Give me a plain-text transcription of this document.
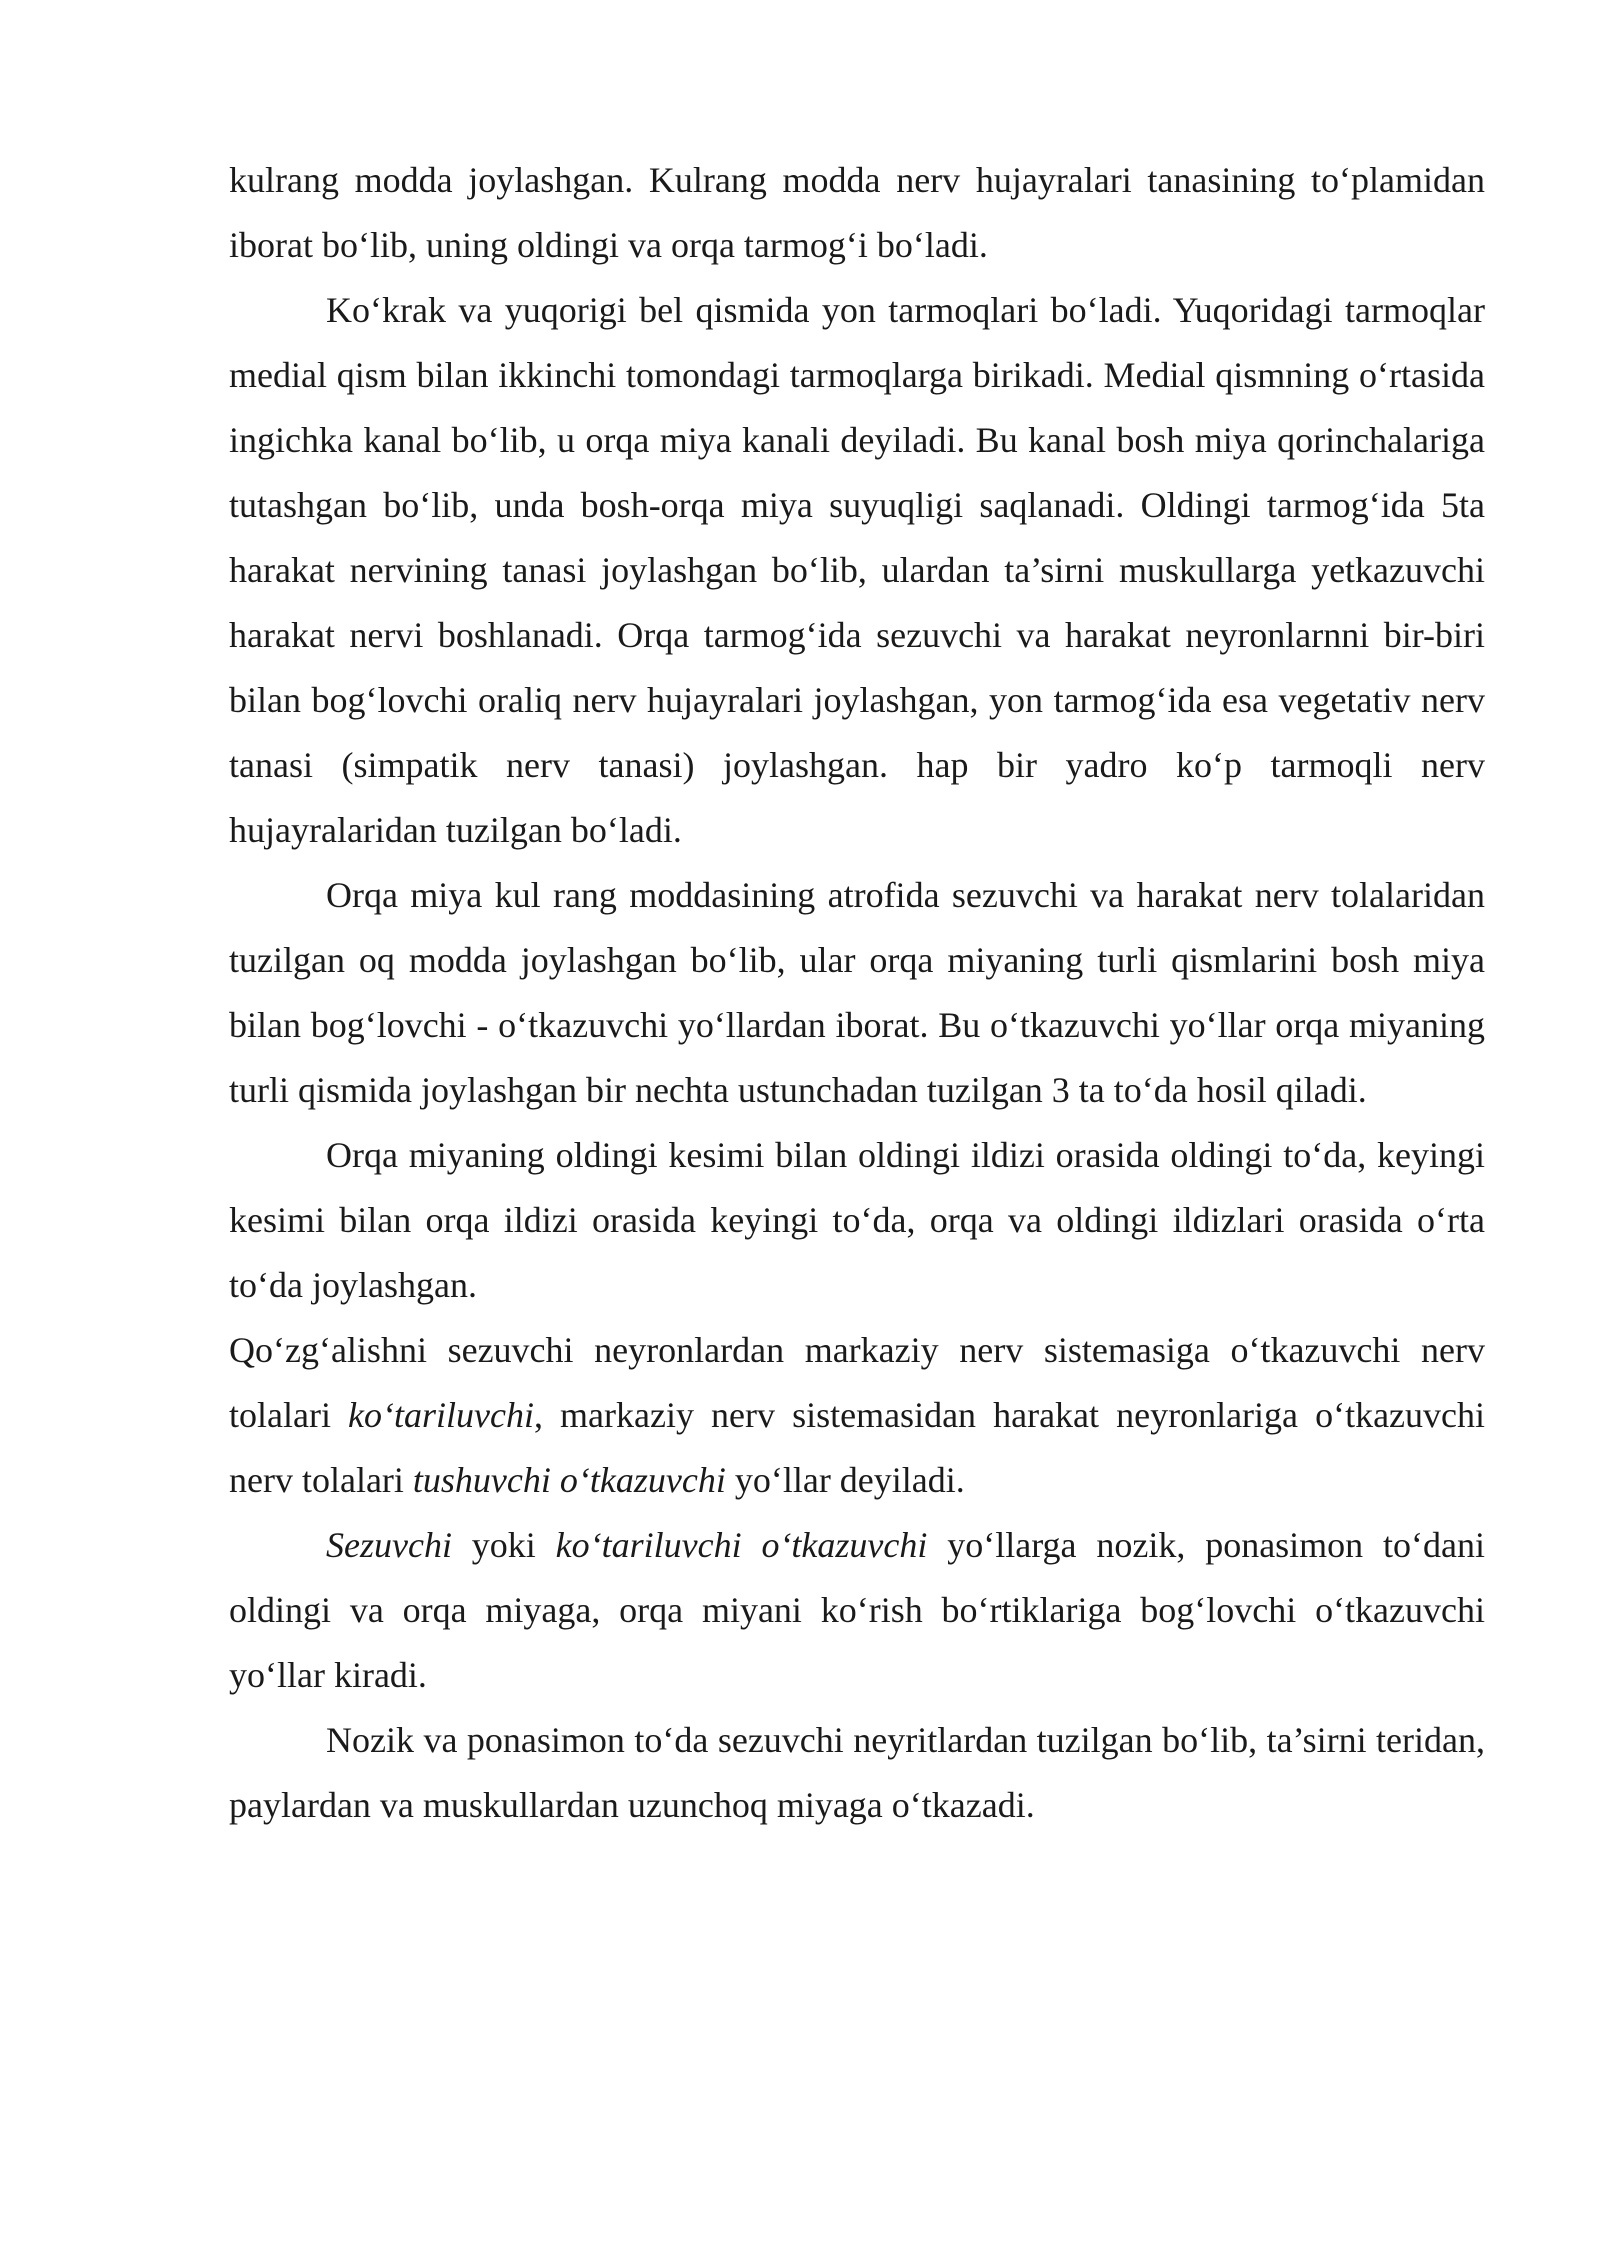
kulrang modda joylashgan. Kulrang modda nerv hujayralari tanasining to‘plamidan iborat bo‘lib, uning oldingi va orqa tarmog‘i bo‘ladi.

Ko‘krak va yuqorigi bel qismida yon tarmoqlari bo‘ladi. Yuqoridagi tarmoqlar medial qism bilan ikkinchi tomondagi tarmoqlarga birikadi. Medial qismning o‘rtasida ingichka kanal bo‘lib, u orqa miya kanali deyiladi. Bu kanal bosh miya qorinchalariga tutashgan bo‘lib, unda bosh-orqa miya suyuqligi saqlanadi. Oldingi tarmog‘ida 5ta harakat nervining tanasi joylashgan bo‘lib, ulardan ta’sirni muskullarga yetkazuvchi harakat nervi boshlanadi. Orqa tarmog‘ida sezuvchi va harakat neyronlarnni bir-biri bilan bog‘lovchi oraliq nerv hujayralari joylashgan, yon tarmog‘ida esa vegetativ nerv tanasi (simpatik nerv tanasi) joylashgan. hap bir yadro ko‘p tarmoqli nerv hujayralaridan tuzilgan bo‘ladi.

Orqa miya kul rang moddasining atrofida sezuvchi va harakat nerv tolalaridan tuzilgan oq modda joylashgan bo‘lib, ular orqa miyaning turli qismlarini bosh miya bilan bog‘lovchi - o‘tkazuvchi yo‘llardan iborat. Bu o‘tkazuvchi yo‘llar orqa miyaning turli qismida joylashgan bir nechta ustunchadan tuzilgan 3 ta to‘da hosil qiladi.

Orqa miyaning oldingi kesimi bilan oldingi ildizi orasida oldingi to‘da, keyingi kesimi bilan orqa ildizi orasida keyingi to‘da, orqa va oldingi ildizlari orasida o‘rta to‘da joylashgan.

Qo‘zg‘alishni sezuvchi neyronlardan markaziy nerv sistemasiga o‘tkazuvchi nerv tolalari ko‘tariluvchi, markaziy nerv sistemasidan harakat neyronlariga o‘tkazuvchi nerv tolalari tushuvchi o‘tkazuvchi yo‘llar deyiladi.

Sezuvchi yoki ko‘tariluvchi o‘tkazuvchi yo‘llarga nozik, ponasimon to‘dani oldingi va orqa miyaga, orqa miyani ko‘rish bo‘rtiklariga bog‘lovchi o‘tkazuvchi yo‘llar kiradi.

Nozik va ponasimon to‘da sezuvchi neyritlardan tuzilgan bo‘lib, ta’sirni teridan, paylardan va muskullardan uzunchoq miyaga o‘tkazadi.
